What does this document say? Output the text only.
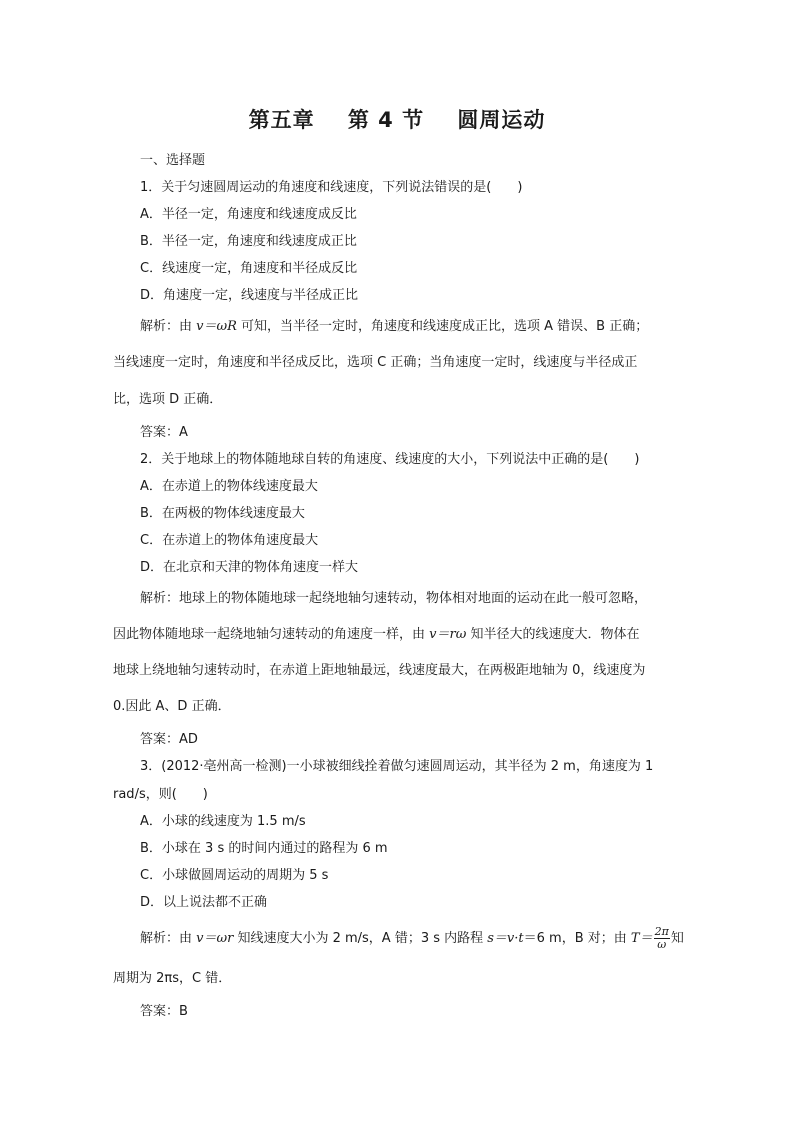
第五章    第 4 节    圆周运动
一、选择题
1．关于匀速圆周运动的角速度和线速度，下列说法错误的是(　　)
A．半径一定，角速度和线速度成反比
B．半径一定，角速度和线速度成正比
C．线速度一定，角速度和半径成反比
D．角速度一定，线速度与半径成正比
解析：由 v＝ωR 可知，当半径一定时，角速度和线速度成正比，选项 A 错误、B 正确；
当线速度一定时，角速度和半径成反比，选项 C 正确；当角速度一定时，线速度与半径成正
比，选项 D 正确．
答案：A
2．关于地球上的物体随地球自转的角速度、线速度的大小，下列说法中正确的是(　　)
A．在赤道上的物体线速度最大
B．在两极的物体线速度最大
C．在赤道上的物体角速度最大
D．在北京和天津的物体角速度一样大
解析：地球上的物体随地球一起绕地轴匀速转动，物体相对地面的运动在此一般可忽略，
因此物体随地球一起绕地轴匀速转动的角速度一样，由 v＝rω 知半径大的线速度大．物体在
地球上绕地轴匀速转动时，在赤道上距地轴最远，线速度最大，在两极距地轴为 0，线速度为
0.因此 A、D 正确．
答案：AD
3．(2012·亳州高一检测)一小球被细线拴着做匀速圆周运动，其半径为 2 m，角速度为 1
rad/s，则(　　)
A．小球的线速度为 1.5 m/s
B．小球在 3 s 的时间内通过的路程为 6 m
C．小球做圆周运动的周期为 5 s
D．以上说法都不正确
解析：由 v＝ωr 知线速度大小为 2 m/s，A 错；3 s 内路程 s＝v·t＝6 m，B 对；由 $T= \frac{2\pi}{\omega}$ 知
周期为 2πs，C 错．
答案：B
